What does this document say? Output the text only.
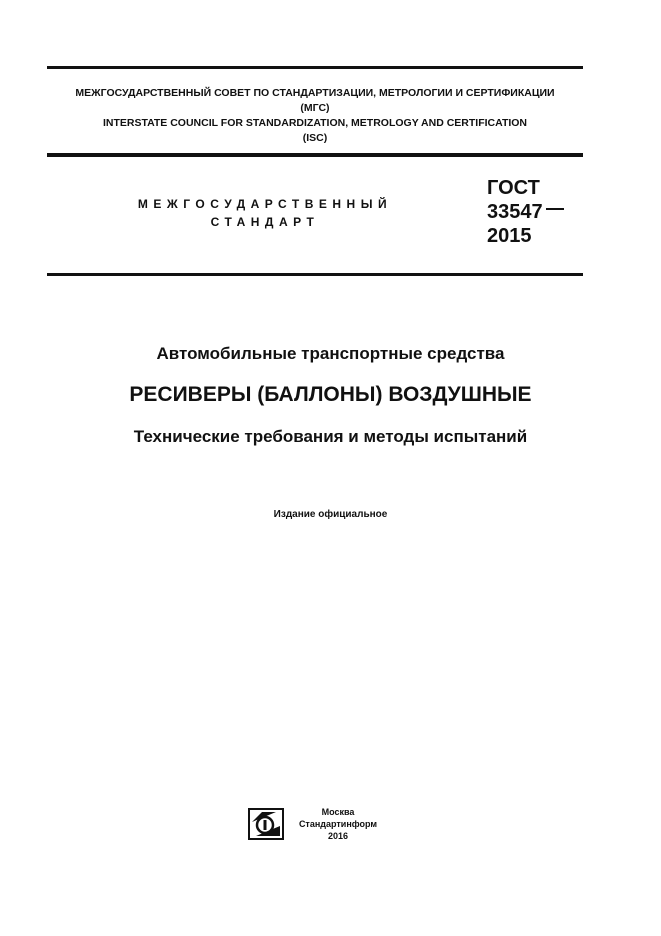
МЕЖГОСУДАРСТВЕННЫЙ СОВЕТ ПО СТАНДАРТИЗАЦИИ, МЕТРОЛОГИИ И СЕРТИФИКАЦИИ
(МГС)
INTERSTATE COUNCIL FOR STANDARDIZATION, METROLOGY AND CERTIFICATION
(ISC)
МЕЖГОСУДАРСТВЕННЫЙ
СТАНДАРТ
ГОСТ
33547
2015
Автомобильные транспортные средства
РЕСИВЕРЫ (БАЛЛОНЫ) ВОЗДУШНЫЕ
Технические требования и методы испытаний
Издание официальное
Москва
Стандартинформ
2016
